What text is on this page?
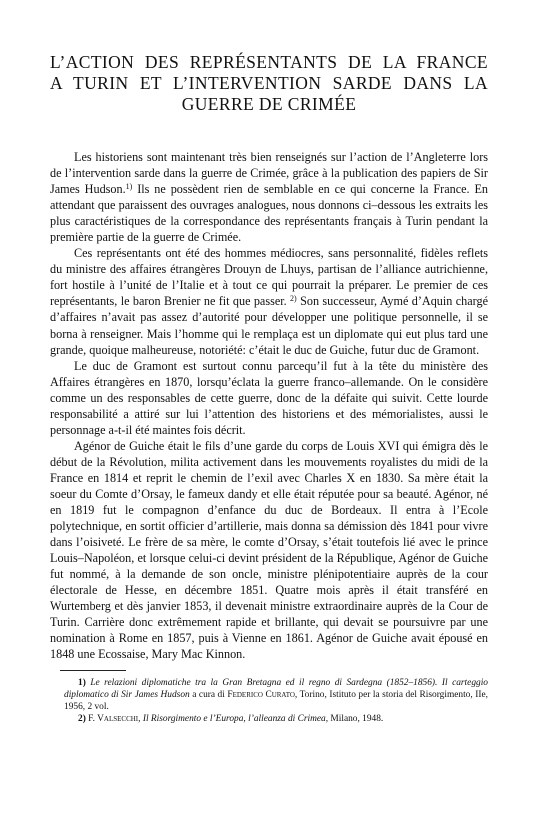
L’ACTION DES REPRÉSENTANTS DE LA FRANCE
A TURIN ET L’INTERVENTION SARDE DANS LA
GUERRE DE CRIMÉE

Les historiens sont maintenant très bien renseignés sur l’action de l’Angleterre lors de l’intervention sarde dans la guerre de Crimée, grâce à la publication des papiers de Sir James Hudson.$^{1)}$ Ils ne possèdent rien de semblable en ce qui concerne la France. En attendant que paraissent des ouvrages analogues, nous donnons ci–dessous les extraits les plus caractéristiques de la correspondance des représentants français à Turin pendant la première partie de la guerre de Crimée.

Ces représentants ont été des hommes médiocres, sans personnalité, fidèles reflets du ministre des affaires étrangères Drouyn de Lhuys, partisan de l’alliance autrichienne, fort hostile à l’unité de l’Italie et à tout ce qui pourrait la préparer. Le premier de ces représentants, le baron Brenier ne fit que passer. $^{2)}$ Son successeur, Aymé d’Aquin chargé d’affaires n’avait pas assez d’autorité pour développer une politique personnelle, il se borna à renseigner. Mais l’homme qui le remplaça est un diplomate qui eut plus tard une grande, quoique malheureuse, notoriété: c’était le duc de Guiche, futur duc de Gramont.

Le duc de Gramont est surtout connu parcequ’il fut à la tête du ministère des Affaires étrangères en 1870, lorsqu’éclata la guerre franco–allemande. On le considère comme un des responsables de cette guerre, donc de la défaite qui suivit. Cette lourde responsabilité a attiré sur lui l’attention des historiens et des mémorialistes, aussi le personnage a-t-il été maintes fois décrit.

Agénor de Guiche était le fils d’une garde du corps de Louis XVI qui émigra dès le début de la Révolution, milita activement dans les mouvements royalistes du midi de la France en 1814 et reprit le chemin de l’exil avec Charles X en 1830. Sa mère était la soeur du Comte d’Orsay, le fameux dandy et elle était réputée pour sa beauté. Agénor, né en 1819 fut le compagnon d’enfance du duc de Bordeaux. Il entra à l’Ecole polytechnique, en sortit officier d’artillerie, mais donna sa démission dès 1841 pour vivre dans l’oisiveté. Le frère de sa mère, le comte d’Orsay, s’était toutefois lié avec le prince Louis–Napoléon, et lorsque celui-ci devint président de la République, Agénor de Guiche fut nommé, à la demande de son oncle, ministre plénipotentiaire auprès de la cour électorale de Hesse, en décembre 1851. Quatre mois après il était transféré en Wurtemberg et dès janvier 1853, il devenait ministre extraordinaire auprès de la Cour de Turin. Carrière donc extrêmement rapide et brillante, qui devait se poursuivre par une nomination à Rome en 1857, puis à Vienne en 1861. Agénor de Guiche avait épousé en 1848 une Ecossaise, Mary Mac Kinnon.

1) Le relazioni diplomatiche tra la Gran Bretagna ed il regno di Sardegna (1852–1856). Il carteggio diplomatico di Sir James Hudson a cura di Federico Curato, Torino, Istituto per la storia del Risorgimento, IIe, 1956, 2 vol.

2) F. Valsecchi, Il Risorgimento e l’Europa, l’alleanza di Crimea, Milano, 1948.
